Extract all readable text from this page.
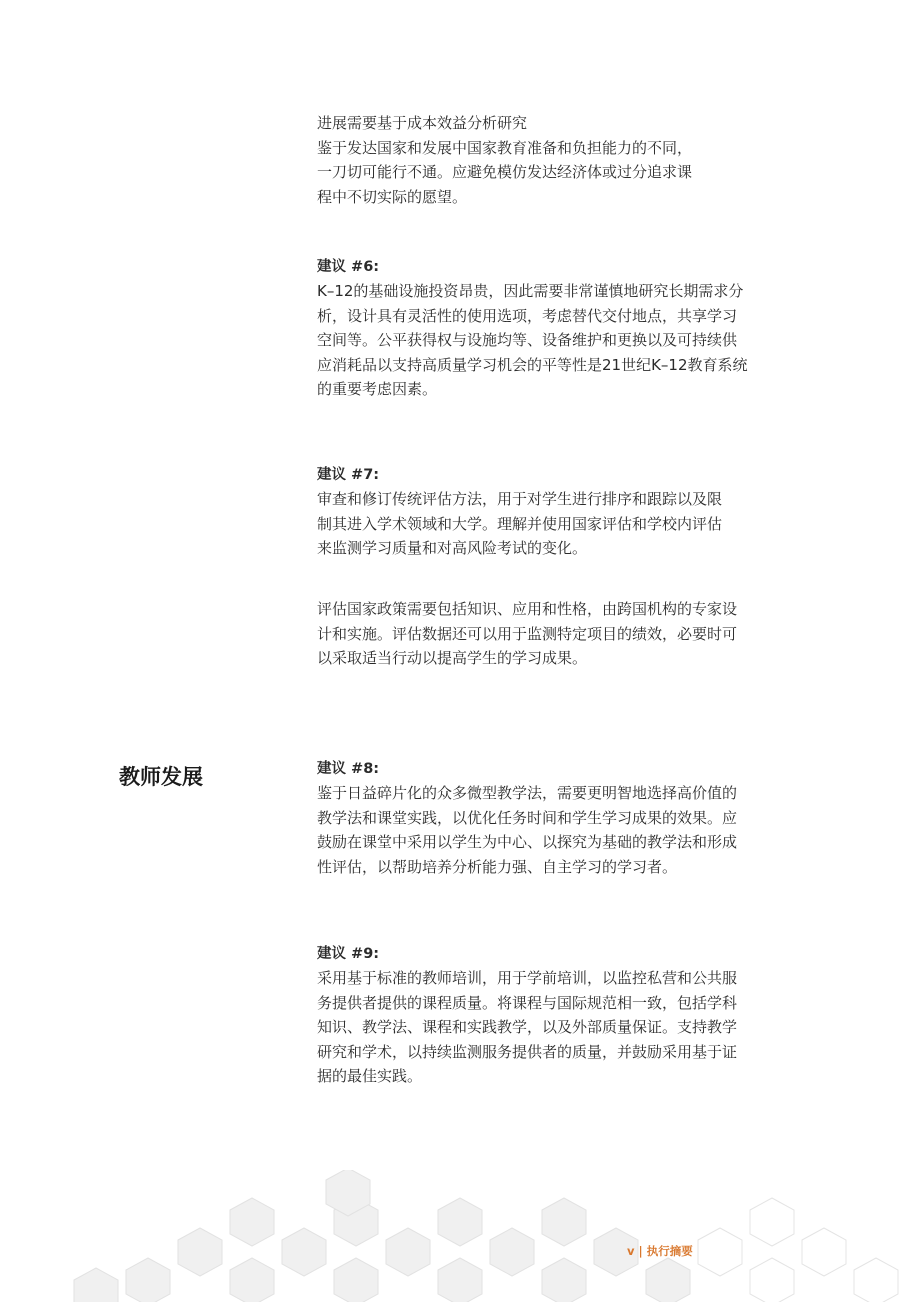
进展需要基于成本效益分析研究
鉴于发达国家和发展中国家教育准备和负担能力的不同，
一刀切可能行不通。应避免模仿发达经济体或过分追求课
程中不切实际的愿望。
建议 #6:
K–12的基础设施投资昂贵，因此需要非常谨慎地研究长期需求分
析，设计具有灵活性的使用选项，考虑替代交付地点，共享学习
空间等。公平获得权与设施均等、设备维护和更换以及可持续供
应消耗品以支持高质量学习机会的平等性是21世纪K–12教育系统
的重要考虑因素。
建议 #7:
审查和修订传统评估方法，用于对学生进行排序和跟踪以及限
制其进入学术领域和大学。理解并使用国家评估和学校内评估
来监测学习质量和对高风险考试的变化。
评估国家政策需要包括知识、应用和性格，由跨国机构的专家设
计和实施。评估数据还可以用于监测特定项目的绩效，必要时可
以采取适当行动以提高学生的学习成果。
教师发展	建议 #8:
鉴于日益碎片化的众多微型教学法，需要更明智地选择高价值的
教学法和课堂实践，以优化任务时间和学生学习成果的效果。应
鼓励在课堂中采用以学生为中心、以探究为基础的教学法和形成
性评估，以帮助培养分析能力强、自主学习的学习者。
建议 #9:
采用基于标准的教师培训，用于学前培训，以监控私营和公共服
务提供者提供的课程质量。将课程与国际规范相一致，包括学科
知识、教学法、课程和实践教学，以及外部质量保证。支持教学
研究和学术，以持续监测服务提供者的质量，并鼓励采用基于证
据的最佳实践。
v | 执行摘要
